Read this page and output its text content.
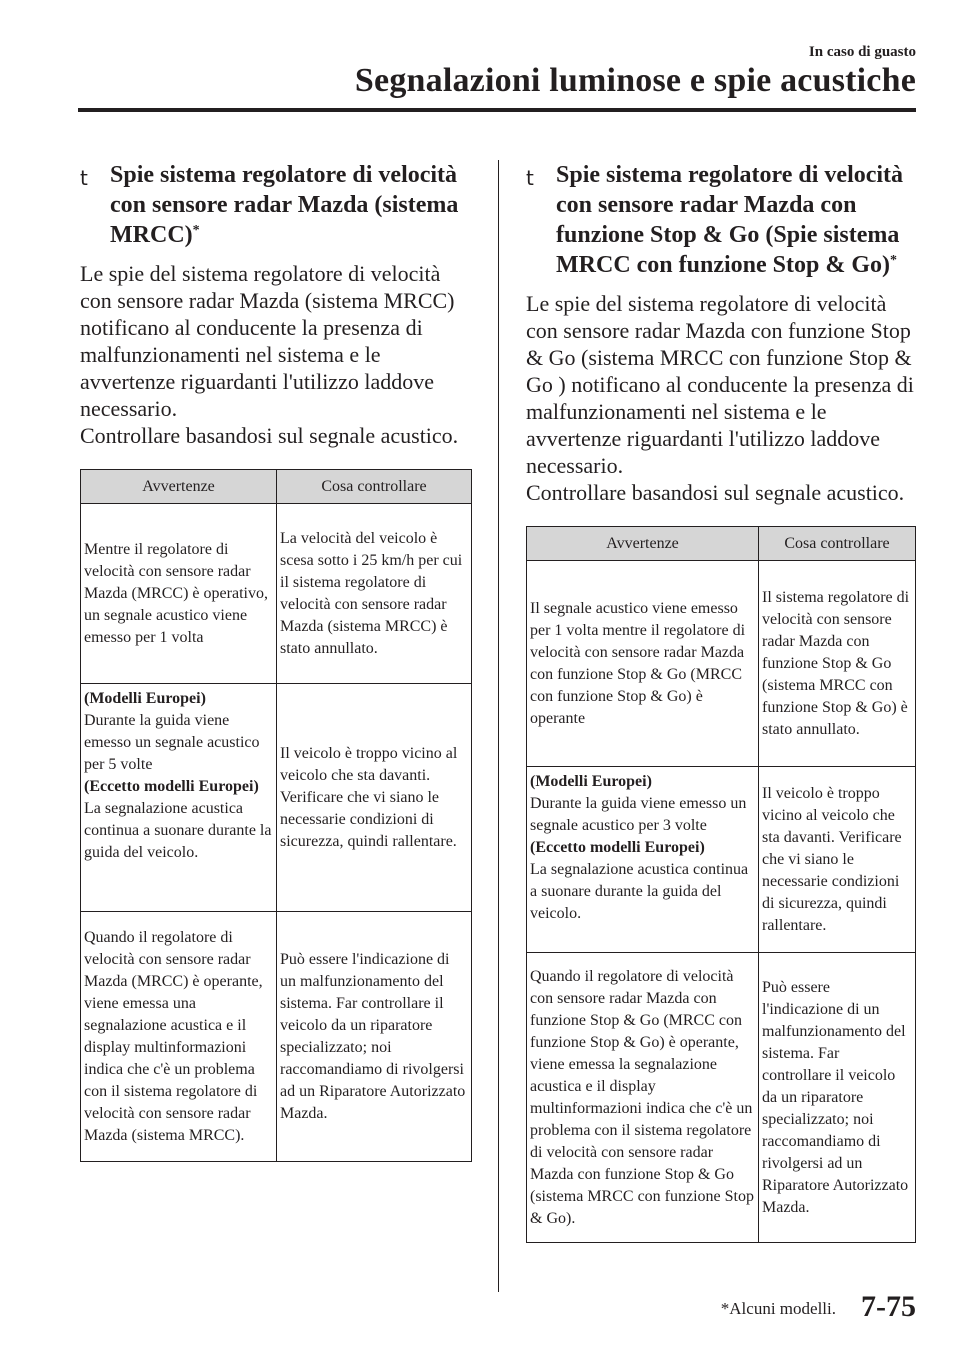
In caso di guasto
Segnalazioni luminose e spie acustiche
t Spie sistema regolatore di velocità con sensore radar Mazda (sistema MRCC)*

Le spie del sistema regolatore di velocità con sensore radar Mazda (sistema MRCC) notificano al conducente la presenza di malfunzionamenti nel sistema e le avvertenze riguardanti l'utilizzo laddove necessario.

Controllare basandosi sul segnale acustico.

Avvertenze	Cosa controllare
Mentre il regolatore di velocità con sensore radar Mazda (MRCC) è operativo, un segnale acustico viene emesso per 1 volta	La velocità del veicolo è scesa sotto i 25 km/h per cui il sistema regolatore di velocità con sensore radar Mazda (sistema MRCC) è stato annullato.
(Modelli Europei)
Durante la guida viene emesso un segnale acustico per 5 volte
(Eccetto modelli Europei)
La segnalazione acustica continua a suonare durante la guida del veicolo.	Il veicolo è troppo vicino al veicolo che sta davanti. Verificare che vi siano le necessarie condizioni di sicurezza, quindi rallentare.
Quando il regolatore di velocità con sensore radar Mazda (MRCC) è operante, viene emessa una segnalazione acustica e il display multinformazioni indica che c'è un problema con il sistema regolatore di velocità con sensore radar Mazda (sistema MRCC).	Può essere l'indicazione di un malfunzionamento del sistema. Far controllare il veicolo da un riparatore specializzato; noi raccomandiamo di rivolgersi ad un Riparatore Autorizzato Mazda.
t Spie sistema regolatore di velocità con sensore radar Mazda con funzione Stop & Go (Spie sistema MRCC con funzione Stop & Go)*

Le spie del sistema regolatore di velocità con sensore radar Mazda con funzione Stop & Go (sistema MRCC con funzione Stop & Go ) notificano al conducente la presenza di malfunzionamenti nel sistema e le avvertenze riguardanti l'utilizzo laddove necessario.

Controllare basandosi sul segnale acustico.

Avvertenze	Cosa controllare
Il segnale acustico viene emesso per 1 volta mentre il regolatore di velocità con sensore radar Mazda con funzione Stop & Go (MRCC con funzione Stop & Go) è operante	Il sistema regolatore di velocità con sensore radar Mazda con funzione Stop & Go (sistema MRCC con funzione Stop & Go) è stato annullato.
(Modelli Europei)
Durante la guida viene emesso un segnale acustico per 3 volte
(Eccetto modelli Europei)
La segnalazione acustica continua a suonare durante la guida del veicolo.	Il veicolo è troppo vicino al veicolo che sta davanti. Verificare che vi siano le necessarie condizioni di sicurezza, quindi rallentare.
Quando il regolatore di velocità con sensore radar Mazda con funzione Stop & Go (MRCC con funzione Stop & Go) è operante, viene emessa la segnalazione acustica e il display multinformazioni indica che c'è un problema con il sistema regolatore di velocità con sensore radar Mazda con funzione Stop & Go (sistema MRCC con funzione Stop & Go).	Può essere l'indicazione di un malfunzionamento del sistema. Far controllare il veicolo da un riparatore specializzato; noi raccomandiamo di rivolgersi ad un Riparatore Autorizzato Mazda.
*Alcuni modelli. 7-75
